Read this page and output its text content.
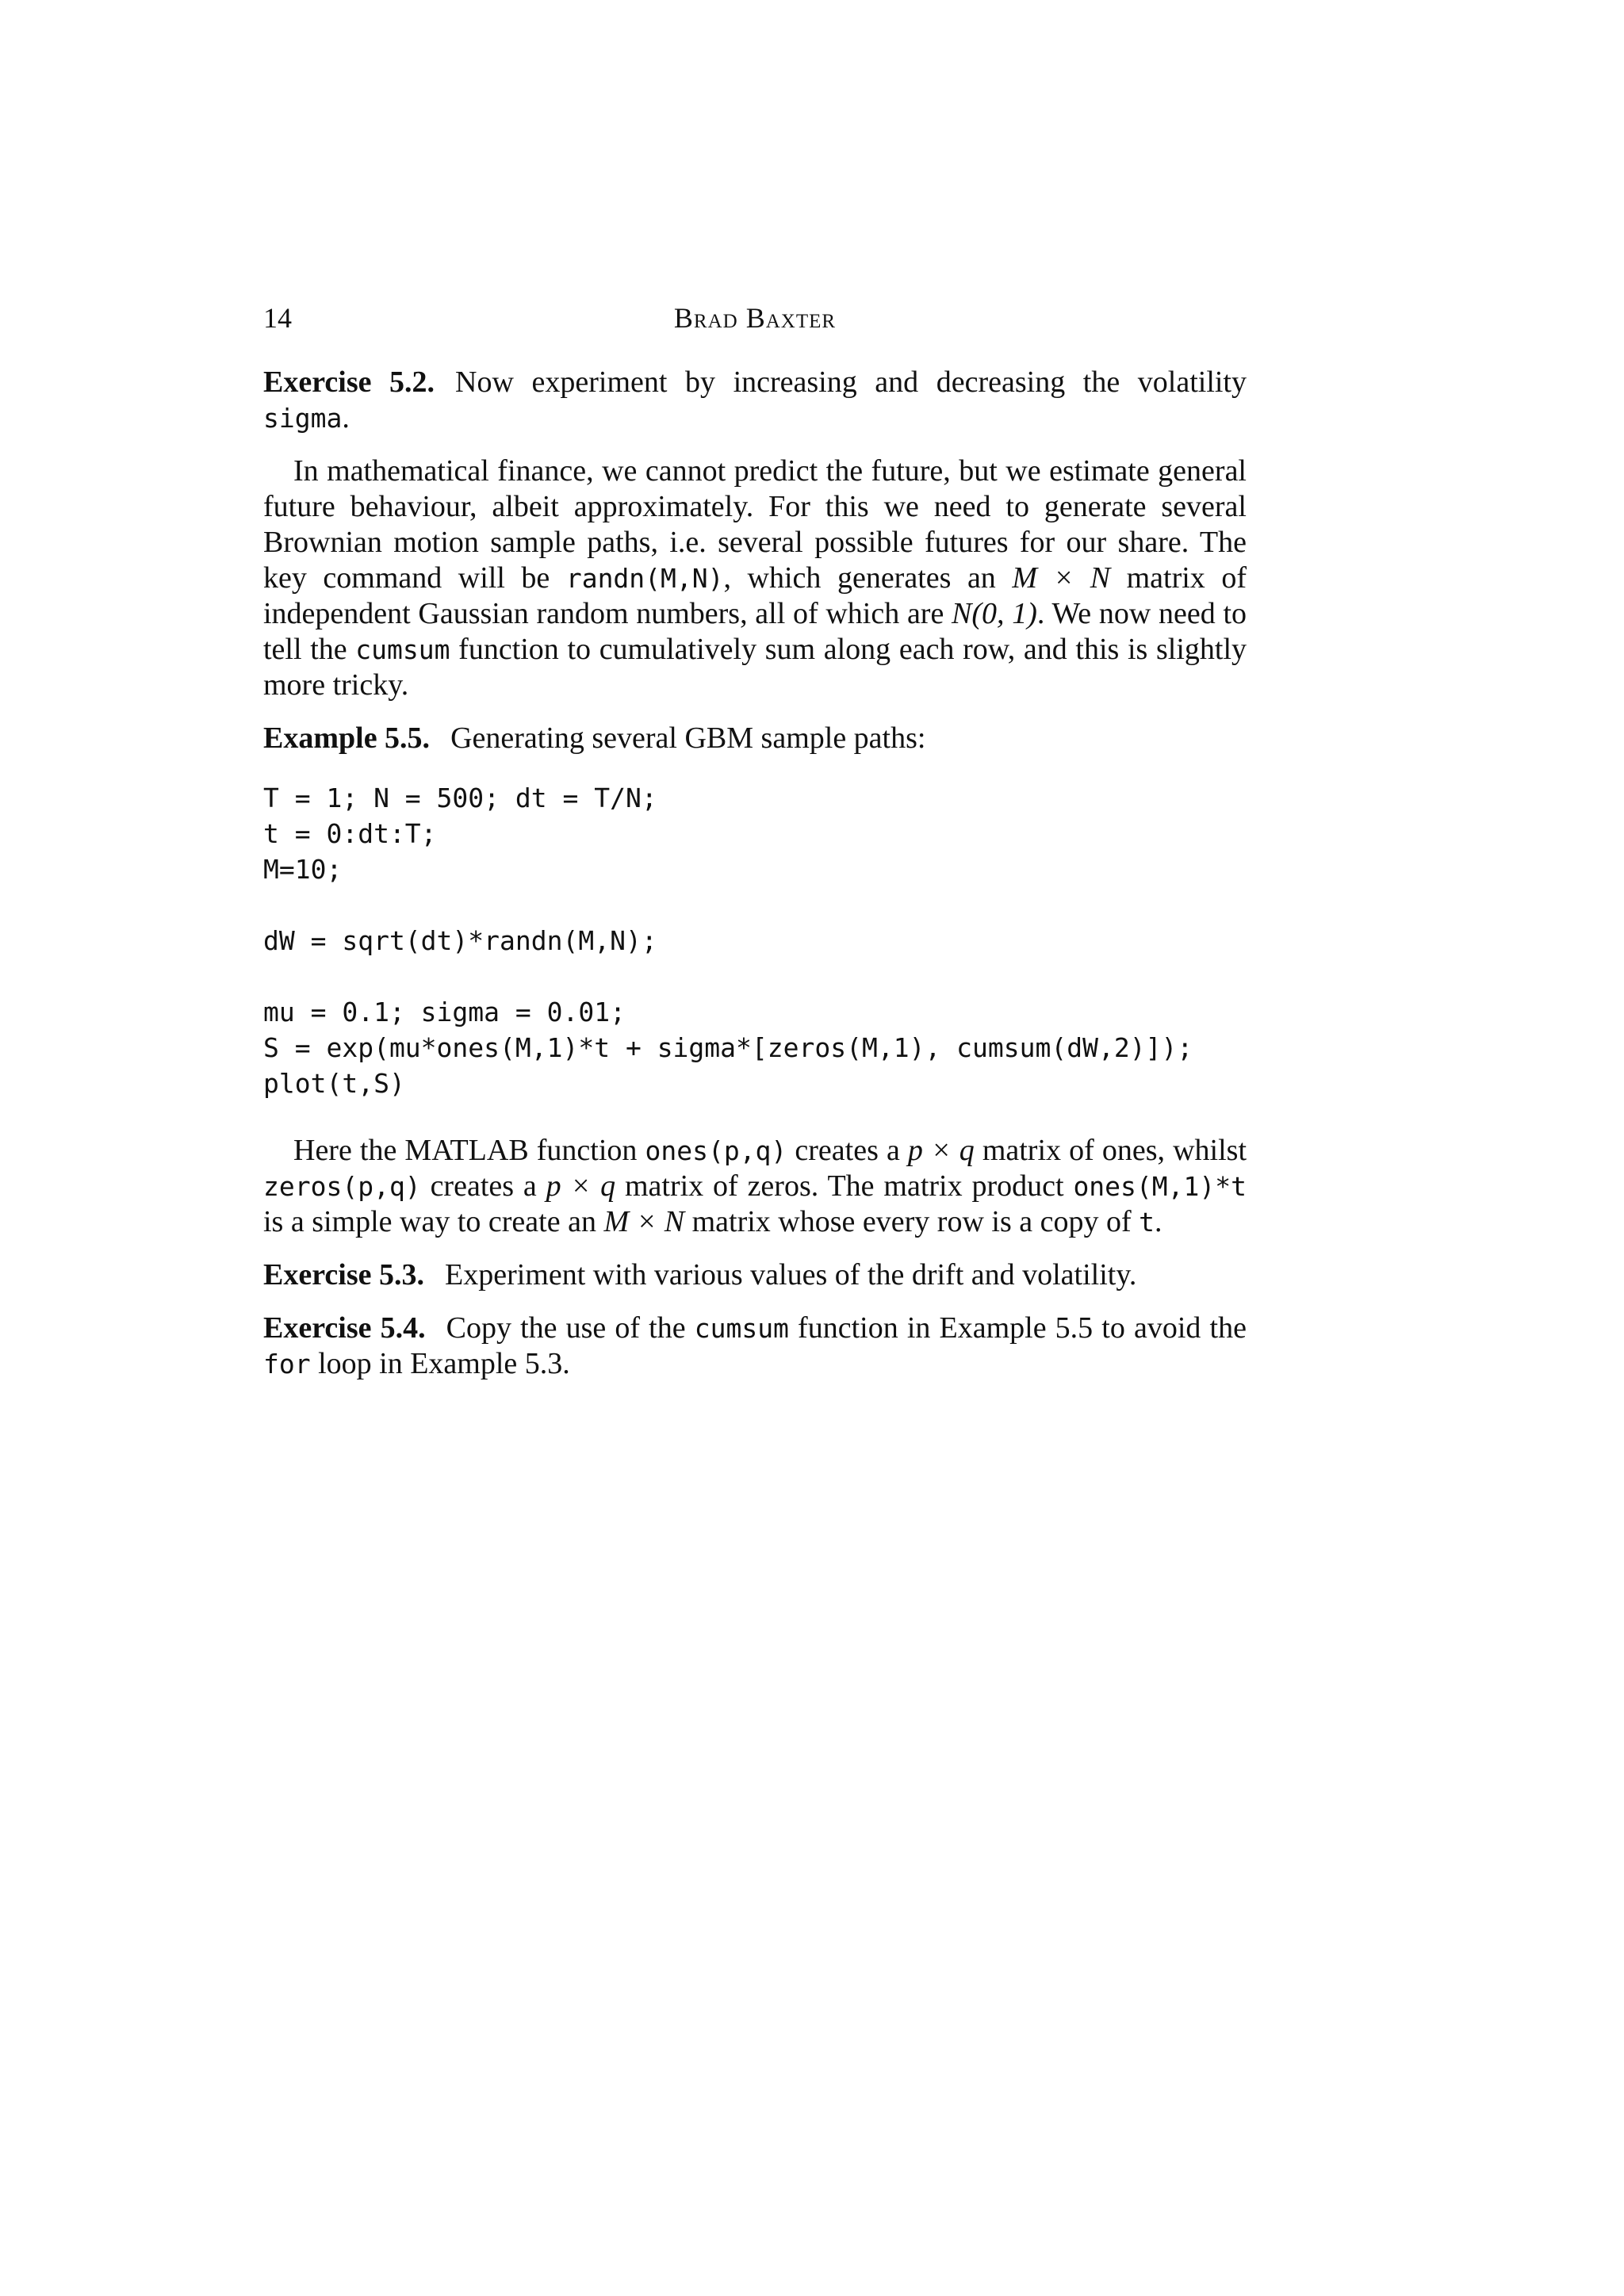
14	Brad Baxter

Exercise 5.2. Now experiment by increasing and decreasing the volatility sigma.

In mathematical finance, we cannot predict the future, but we estimate general future behaviour, albeit approximately. For this we need to generate several Brownian motion sample paths, i.e. several possible futures for our share. The key command will be randn(M,N), which generates an M × N matrix of independent Gaussian random numbers, all of which are N(0, 1). We now need to tell the cumsum function to cumulatively sum along each row, and this is slightly more tricky.

Example 5.5. Generating several GBM sample paths:

T = 1; N = 500; dt = T/N;
t = 0:dt:T;
M=10;
dW = sqrt(dt)*randn(M,N);
mu = 0.1; sigma = 0.01;
S = exp(mu*ones(M,1)*t + sigma*[zeros(M,1), cumsum(dW,2)]);
plot(t,S)

Here the MATLAB function ones(p,q) creates a p × q matrix of ones, whilst zeros(p,q) creates a p × q matrix of zeros. The matrix product ones(M,1)*t is a simple way to create an M × N matrix whose every row is a copy of t.

Exercise 5.3. Experiment with various values of the drift and volatility.

Exercise 5.4. Copy the use of the cumsum function in Example 5.5 to avoid the for loop in Example 5.3.
